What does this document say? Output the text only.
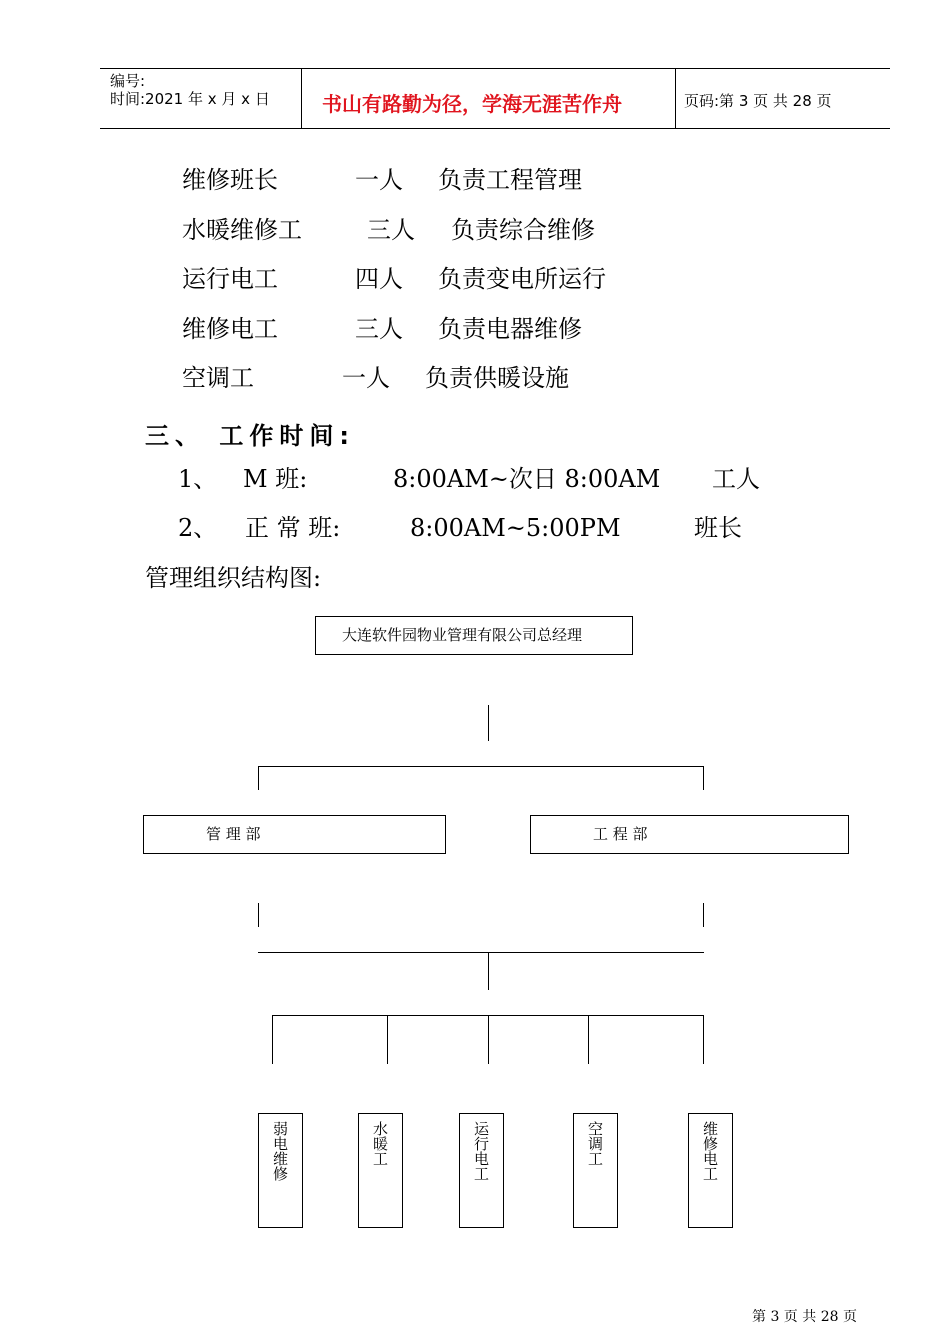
编号:
时间:2021 年 x 月 x 日	书山有路勤为径，学海无涯苦作舟	页码:第 3 页 共 28 页
维修班长	一人 负责工程管理
水暖维修工	三人 负责综合维修
运行电工	四人 负责变电所运行
维修电工	三人 负责电器维修
空调工	一人 负责供暖设施
三、 工作时间:
1、 M 班:	8:00AM~次日 8:00AM 工人
2、 正 常 班:	8:00AM~5:00PM	班长
管理组织结构图:
大连软件园物业管理有限公司总经理
管 理 部	工 程 部
弱电维修	水暖工	运行电工	空调工	维修电工
第 3 页 共 28 页
